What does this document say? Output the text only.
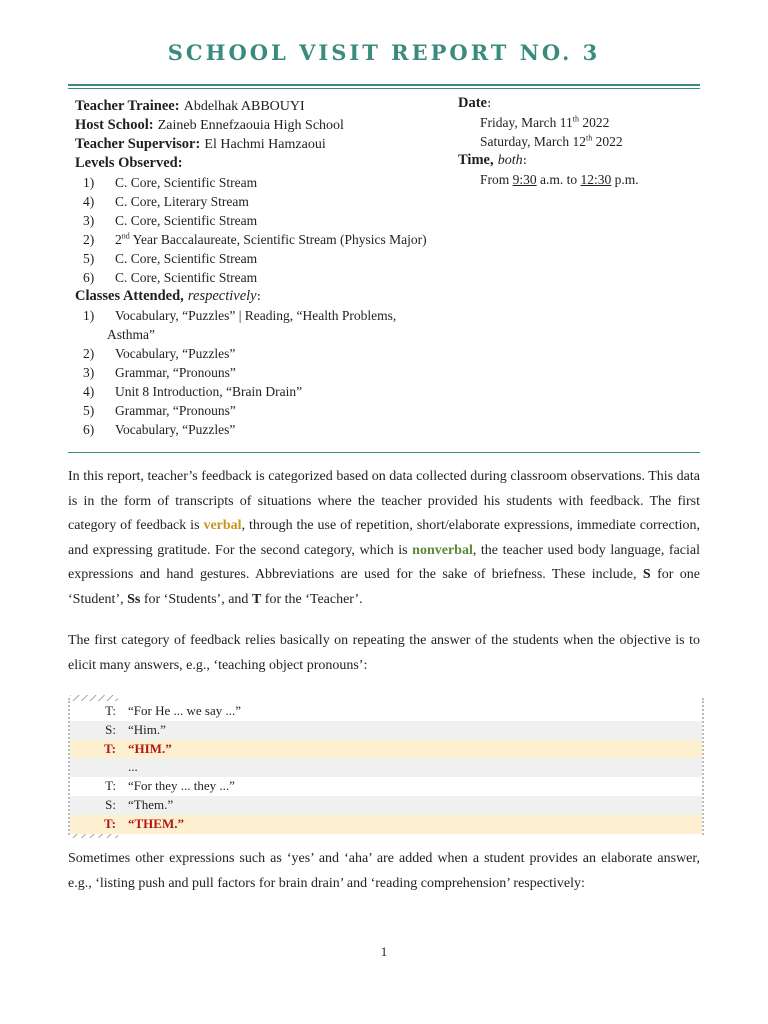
SCHOOL VISIT REPORT NO. 3
Teacher Trainee: Abdelhak ABBOUYI
Host School: Zaineb Ennefzaouia High School
Teacher Supervisor: El Hachmi Hamzaoui
Levels Observed:
1) C. Core, Scientific Stream
4) C. Core, Literary Stream
3) C. Core, Scientific Stream
2) 2nd Year Baccalaureate, Scientific Stream (Physics Major)
5) C. Core, Scientific Stream
6) C. Core, Scientific Stream
Classes Attended, respectively:
1) Vocabulary, “Puzzles” | Reading, “Health Problems,
Asthma”
2) Vocabulary, “Puzzles”
3) Grammar, “Pronouns”
4) Unit 8 Introduction, “Brain Drain”
5) Grammar, “Pronouns”
6) Vocabulary, “Puzzles”
Date:
Friday, March 11th 2022
Saturday, March 12th 2022
Time, both:
From 9:30 a.m. to 12:30 p.m.
In this report, teacher’s feedback is categorized based on data collected during classroom observations. This data is in the form of transcripts of situations where the teacher provided his students with feedback. The first category of feedback is verbal, through the use of repetition, short/elaborate expressions, immediate correction, and expressing gratitude. For the second category, which is nonverbal, the teacher used body language, facial expressions and hand gestures. Abbreviations are used for the sake of briefness. These include, S for one ‘Student’, Ss for ‘Students’, and T for the ‘Teacher’.
The first category of feedback relies basically on repeating the answer of the students when the objective is to elicit many answers, e.g., ‘teaching object pronouns’:
T: “For He ... we say ...”
S: “Him.”
T: “HIM.”
...
T: “For they ... they ...”
S: “Them.”
T: “THEM.”
Sometimes other expressions such as ‘yes’ and ‘aha’ are added when a student provides an elaborate answer, e.g., ‘listing push and pull factors for brain drain’ and ‘reading comprehension’ respectively:
1
